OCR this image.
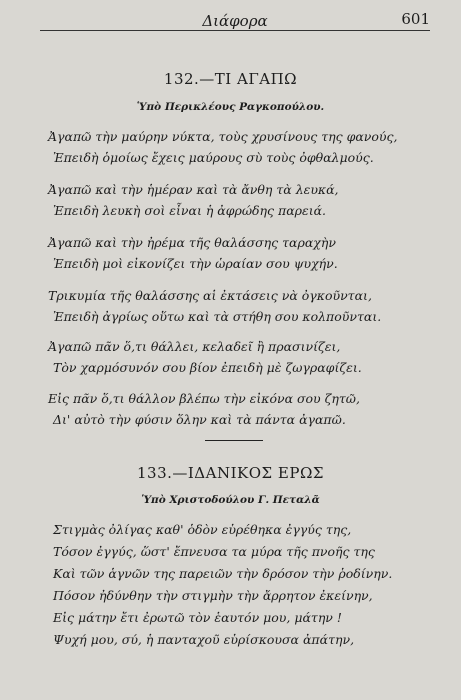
Διάφορα	601
132.—ΤΙ ΑΓΑΠΩ
Ὑπὸ Περικλέους Ραγκοπούλου.
Ἀγαπῶ τὴν μαύρην νύκτα, τοὺς χρυσίνους της φανούς,
Ἐπειδὴ ὁμοίως ἔχεις μαύρους σὺ τοὺς ὀφθαλμούς.
Ἀγαπῶ καὶ τὴν ἡμέραν καὶ τὰ ἄνθη τὰ λευκά,
Ἐπειδὴ λευκὴ σοὶ εἶναι ἡ ἀφρώδης παρειά.
Ἀγαπῶ καὶ τὴν ἠρέμα τῆς θαλάσσης ταραχὴν
Ἐπειδὴ μοὶ εἰκονίζει τὴν ὡραίαν σου ψυχήν.
Τρικυμία τῆς θαλάσσης αἱ ἐκτάσεις νὰ ὀγκοῦνται,
Ἐπειδὴ ἀγρίως οὕτω καὶ τὰ στήθη σου κολποῦνται.
Ἀγαπῶ πᾶν ὅ,τι θάλλει, κελαδεῖ ἢ πρασινίζει,
Τὸν χαρμόσυνόν σου βίον ἐπειδὴ μὲ ζωγραφίζει.
Εἰς πᾶν ὅ,τι θάλλον βλέπω τὴν εἰκόνα σου ζητῶ,
Δι' αὐτὸ τὴν φύσιν ὅλην καὶ τὰ πάντα ἀγαπῶ.
133.—ΙΔΑΝΙΚΟΣ ΕΡΩΣ
Ὑπὸ Χριστοδούλου Γ. Πεταλᾶ
Στιγμὰς ὀλίγας καθ' ὁδὸν εὑρέθηκα ἐγγύς της,
Τόσον ἐγγύς, ὥστ' ἔπνευσα τα μύρα τῆς πνοῆς της
Καὶ τῶν ἁγνῶν της παρειῶν τὴν δρόσον τὴν ῥοδίνην.
Πόσον ἠδύνθην τὴν στιγμὴν τὴν ἄρρητον ἐκείνην,
Εἰς μάτην ἔτι ἐρωτῶ τὸν ἑαυτόν μου, μάτην !
Ψυχή μου, σύ, ἡ πανταχοῦ εὑρίσκουσα ἀπάτην,
